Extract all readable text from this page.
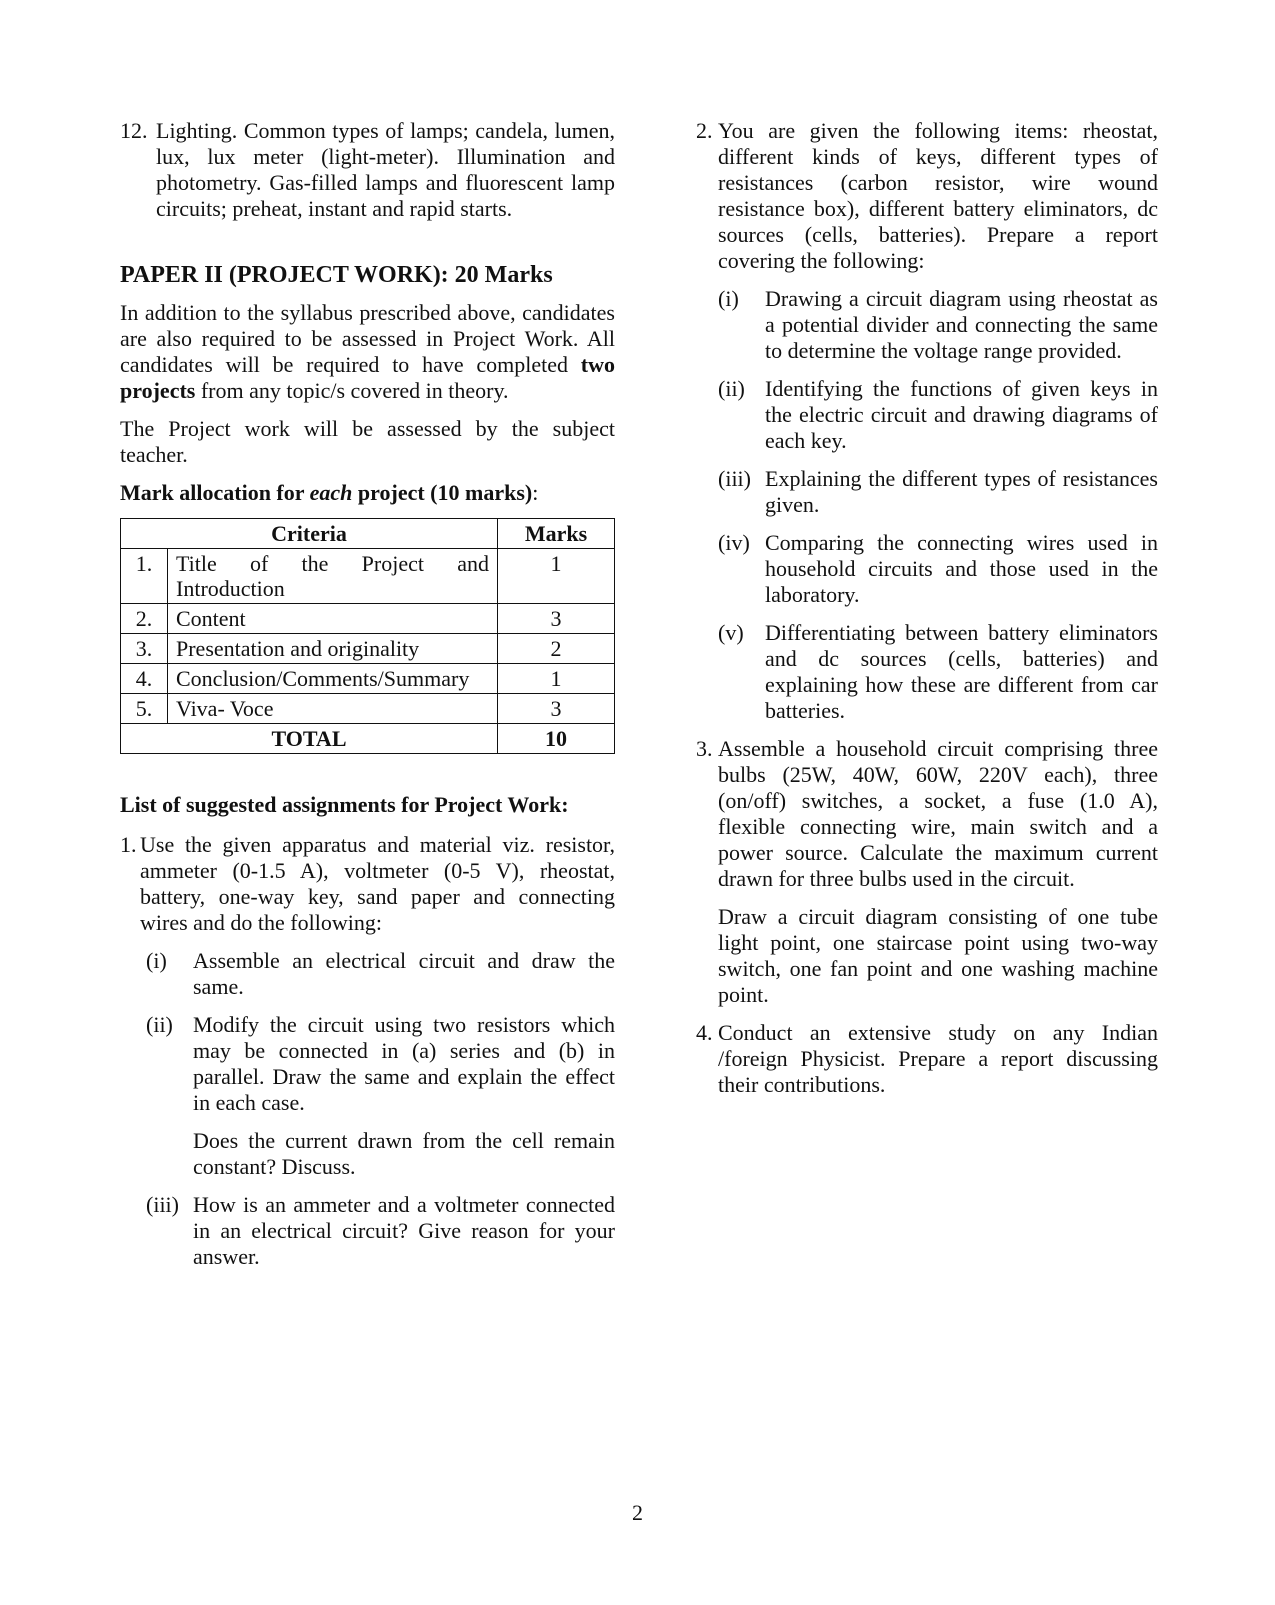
12. Lighting. Common types of lamps; candela, lumen, lux, lux meter (light-meter). Illumination and photometry. Gas-filled lamps and fluorescent lamp circuits; preheat, instant and rapid starts.

PAPER II (PROJECT WORK): 20 Marks

In addition to the syllabus prescribed above, candidates are also required to be assessed in Project Work. All candidates will be required to have completed two projects from any topic/s covered in theory.

The Project work will be assessed by the subject teacher.

Mark allocation for each project (10 marks):

Criteria		Marks
1.	Title of the Project and Introduction	1
2.	Content	3
3.	Presentation and originality	2
4.	Conclusion/Comments/Summary	1
5.	Viva- Voce	3
TOTAL		10

List of suggested assignments for Project Work:

1. Use the given apparatus and material viz. resistor, ammeter (0-1.5 A), voltmeter (0-5 V), rheostat, battery, one-way key, sand paper and connecting wires and do the following:

(i)	Assemble an electrical circuit and draw the same.

(ii) Modify the circuit using two resistors which may be connected in (a) series and (b) in parallel. Draw the same and explain the effect in each case.

Does the current drawn from the cell remain constant? Discuss.

(iii) How is an ammeter and a voltmeter connected in an electrical circuit? Give reason for your answer.

2. You are given the following items: rheostat, different kinds of keys, different types of resistances (carbon resistor, wire wound resistance box), different battery eliminators, dc sources (cells, batteries). Prepare a report covering the following:

(i)	Drawing a circuit diagram using rheostat as a potential divider and connecting the same to determine the voltage range provided.

(ii) Identifying the functions of given keys in the electric circuit and drawing diagrams of each key.

(iii) Explaining the different types of resistances given.

(iv) Comparing the connecting wires used in household circuits and those used in the laboratory.

(v) Differentiating between battery eliminators and dc sources (cells, batteries) and explaining how these are different from car batteries.

3. Assemble a household circuit comprising three bulbs (25W, 40W, 60W, 220V each), three (on/off) switches, a socket, a fuse (1.0 A), flexible connecting wire, main switch and a power source. Calculate the maximum current drawn for three bulbs used in the circuit.

Draw a circuit diagram consisting of one tube light point, one staircase point using two-way switch, one fan point and one washing machine point.

4. Conduct an extensive study on any Indian /foreign Physicist. Prepare a report discussing their contributions.

2
